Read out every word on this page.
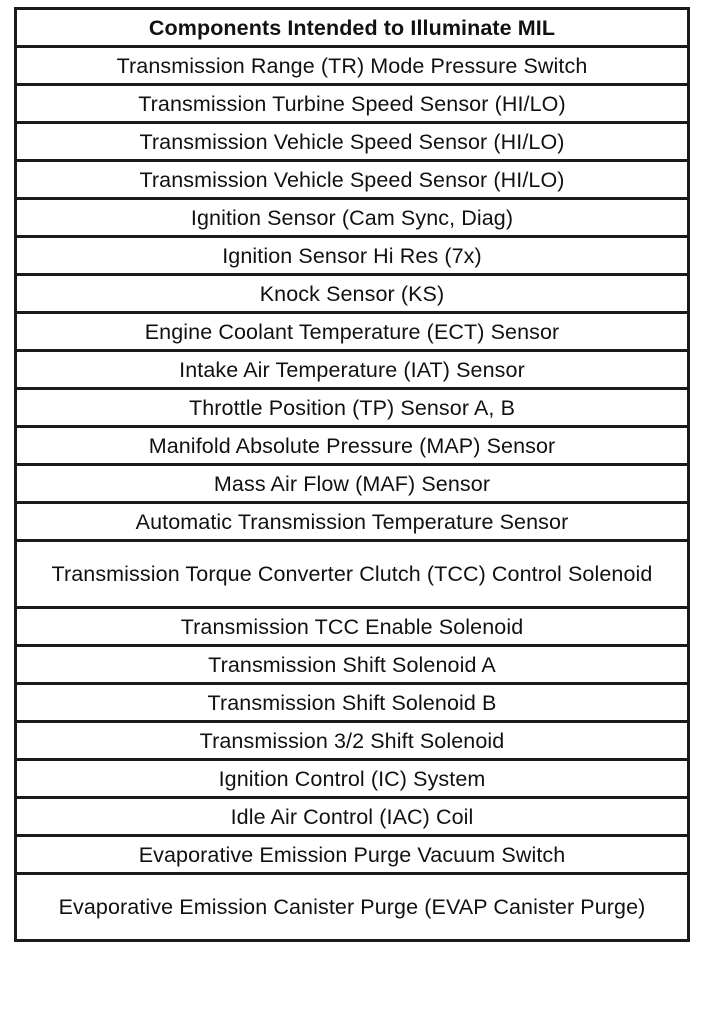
Components Intended to Illuminate MIL
Transmission Range (TR) Mode Pressure Switch
Transmission Turbine Speed Sensor (HI/LO)
Transmission Vehicle Speed Sensor (HI/LO)
Transmission Vehicle Speed Sensor (HI/LO)
Ignition Sensor (Cam Sync, Diag)
Ignition Sensor Hi Res (7x)
Knock Sensor (KS)
Engine Coolant Temperature (ECT) Sensor
Intake Air Temperature (IAT) Sensor
Throttle Position (TP) Sensor A, B
Manifold Absolute Pressure (MAP) Sensor
Mass Air Flow (MAF) Sensor
Automatic Transmission Temperature Sensor
Transmission Torque Converter Clutch (TCC) Control Solenoid
Transmission TCC Enable Solenoid
Transmission Shift Solenoid A
Transmission Shift Solenoid B
Transmission 3/2 Shift Solenoid
Ignition Control (IC) System
Idle Air Control (IAC) Coil
Evaporative Emission Purge Vacuum Switch
Evaporative Emission Canister Purge (EVAP Canister Purge)
